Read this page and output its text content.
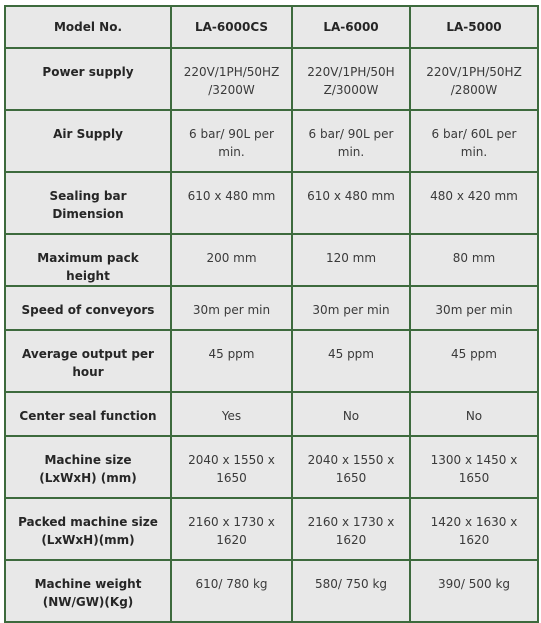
Model No.	LA-6000CS	LA-6000	LA-5000
Power supply	220V/1PH/50HZ /3200W	220V/1PH/50H Z/3000W	220V/1PH/50HZ /2800W
Air Supply	6 bar/ 90L per min.	6 bar/ 90L per min.	6 bar/ 60L per min.
Sealing bar Dimension	610 x 480 mm	610 x 480 mm	480 x 420 mm
Maximum pack height	200 mm	120 mm	80 mm
Speed of conveyors	30m per min	30m per min	30m per min
Average output per hour	45 ppm	45 ppm	45 ppm
Center seal function	Yes	No	No
Machine size (LxWxH) (mm)	2040 x 1550 x 1650	2040 x 1550 x 1650	1300 x 1450 x 1650
Packed machine size (LxWxH)(mm)	2160 x 1730 x 1620	2160 x 1730 x 1620	1420 x 1630 x 1620
Machine weight (NW/GW)(Kg)	610/ 780 kg	580/ 750 kg	390/ 500 kg
